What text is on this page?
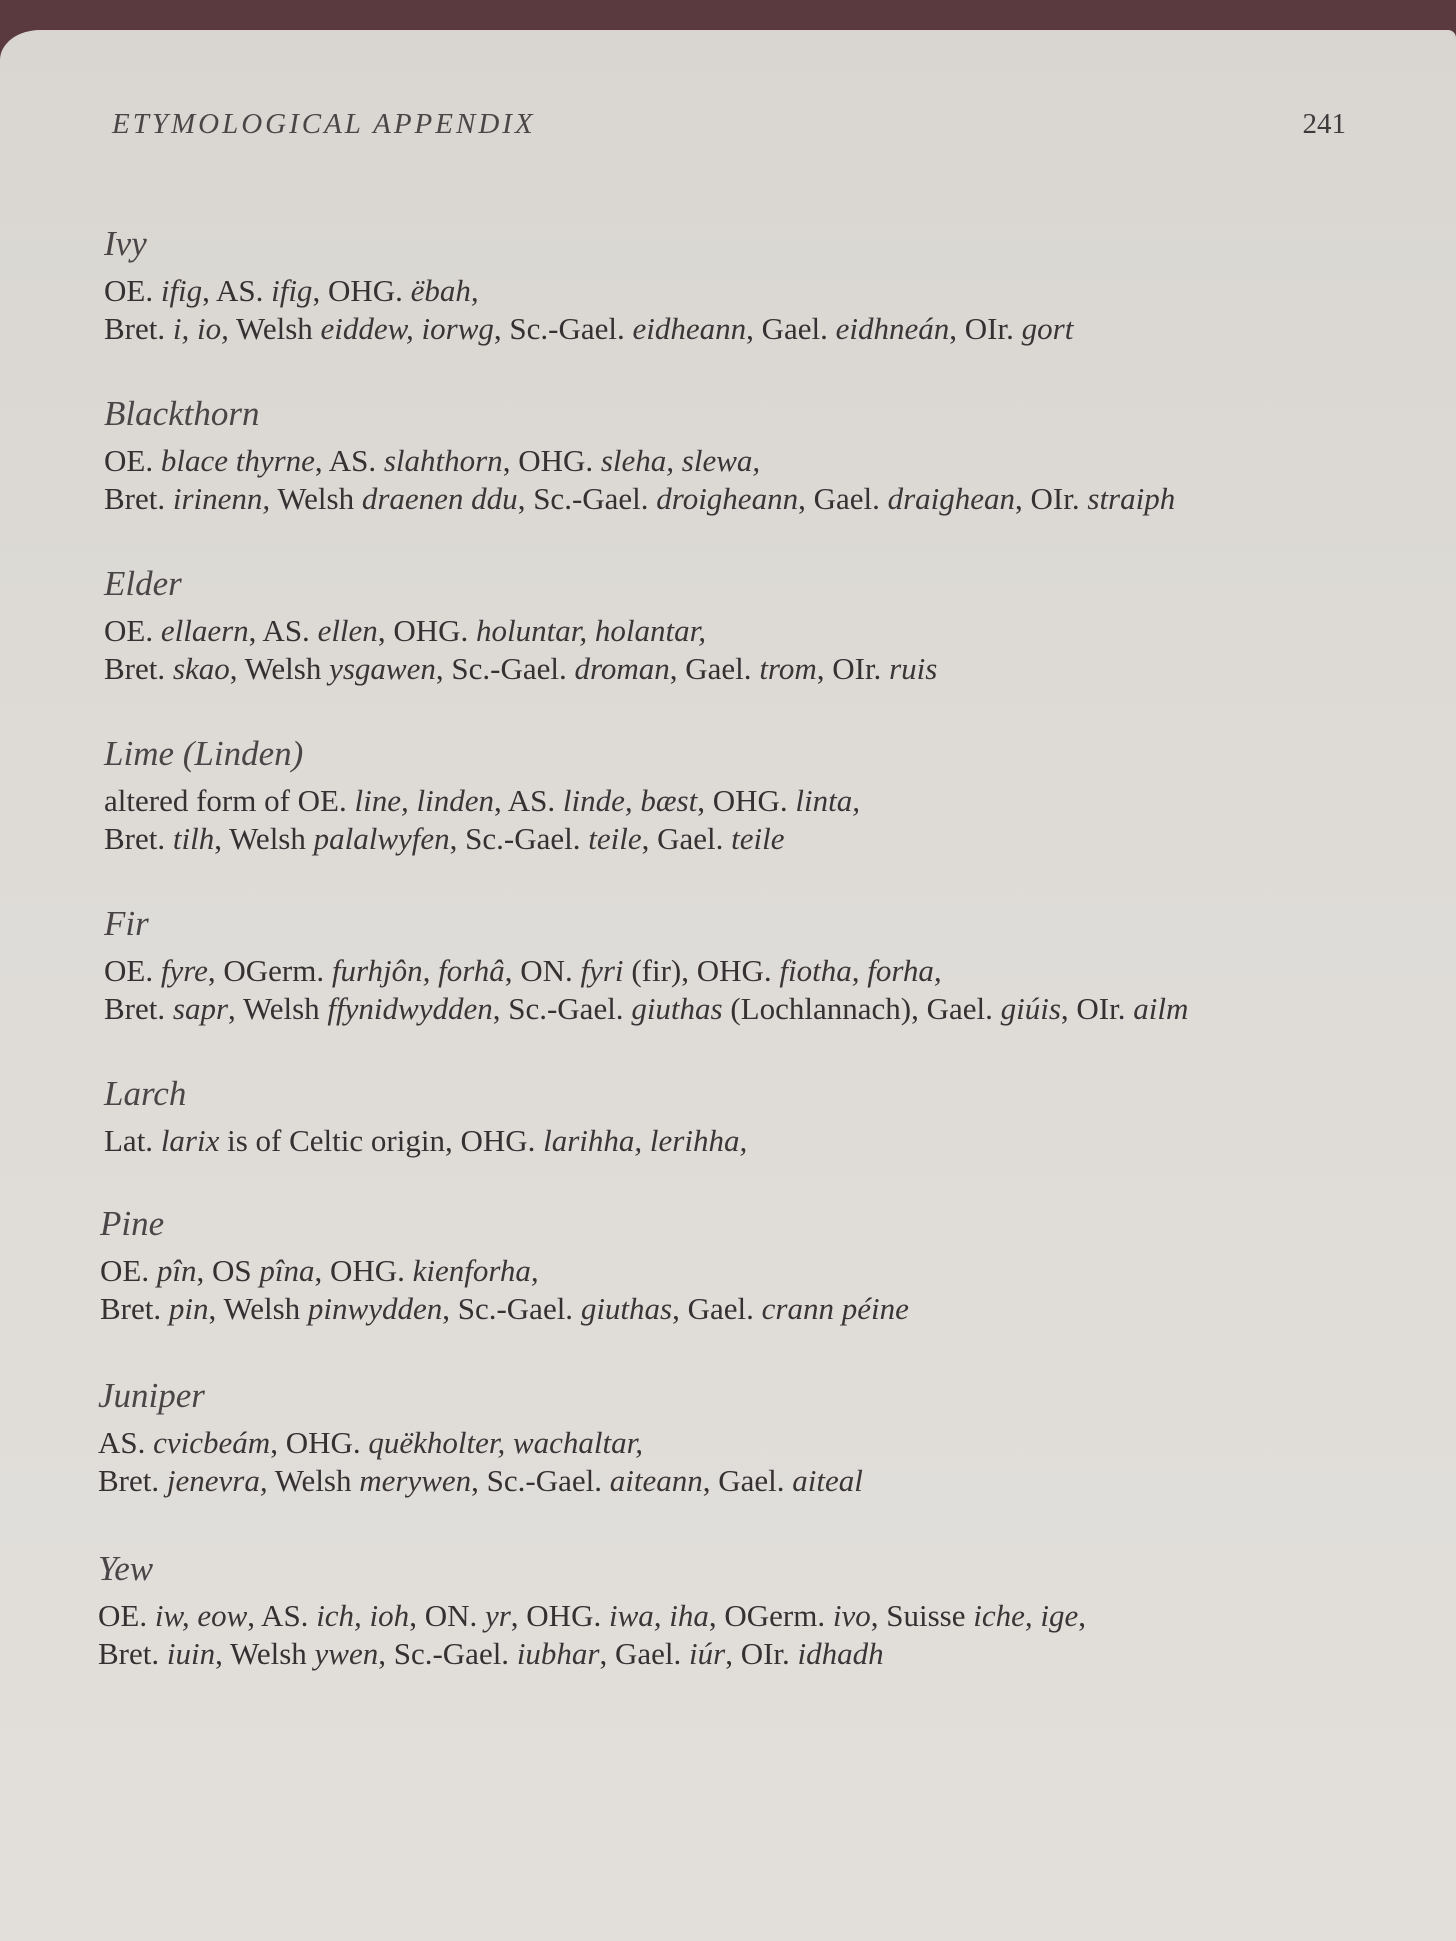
ETYMOLOGICAL APPENDIX	241
Ivy
OE. ifig, AS. ifig, OHG. ëbah,
Bret. i, io, Welsh eiddew, iorwg, Sc.-Gael. eidheann, Gael. eidhneán, OIr. gort
Blackthorn
OE. blace thyrne, AS. slahthorn, OHG. sleha, slewa,
Bret. irinenn, Welsh draenen ddu, Sc.-Gael. droigheann, Gael. draighean, OIr. straiph
Elder
OE. ellaern, AS. ellen, OHG. holuntar, holantar,
Bret. skao, Welsh ysgawen, Sc.-Gael. droman, Gael. trom, OIr. ruis
Lime (Linden)
altered form of OE. line, linden, AS. linde, bæst, OHG. linta,
Bret. tilh, Welsh palalwyfen, Sc.-Gael. teile, Gael. teile
Fir
OE. fyre, OGerm. furhjôn, forhâ, ON. fyri (fir), OHG. fiotha, forha,
Bret. sapr, Welsh ffynidwydden, Sc.-Gael. giuthas (Lochlannach), Gael. giúis, OIr. ailm
Larch
Lat. larix is of Celtic origin, OHG. larihha, lerihha,
Pine
OE. pîn, OS pîna, OHG. kienforha,
Bret. pin, Welsh pinwydden, Sc.-Gael. giuthas, Gael. crann péine
Juniper
AS. cvicbeám, OHG. quëkholter, wachaltar,
Bret. jenevra, Welsh merywen, Sc.-Gael. aiteann, Gael. aiteal
Yew
OE. iw, eow, AS. ich, ioh, ON. yr, OHG. iwa, iha, OGerm. ivo, Suisse iche, ige,
Bret. iuin, Welsh ywen, Sc.-Gael. iubhar, Gael. iúr, OIr. idhadh
